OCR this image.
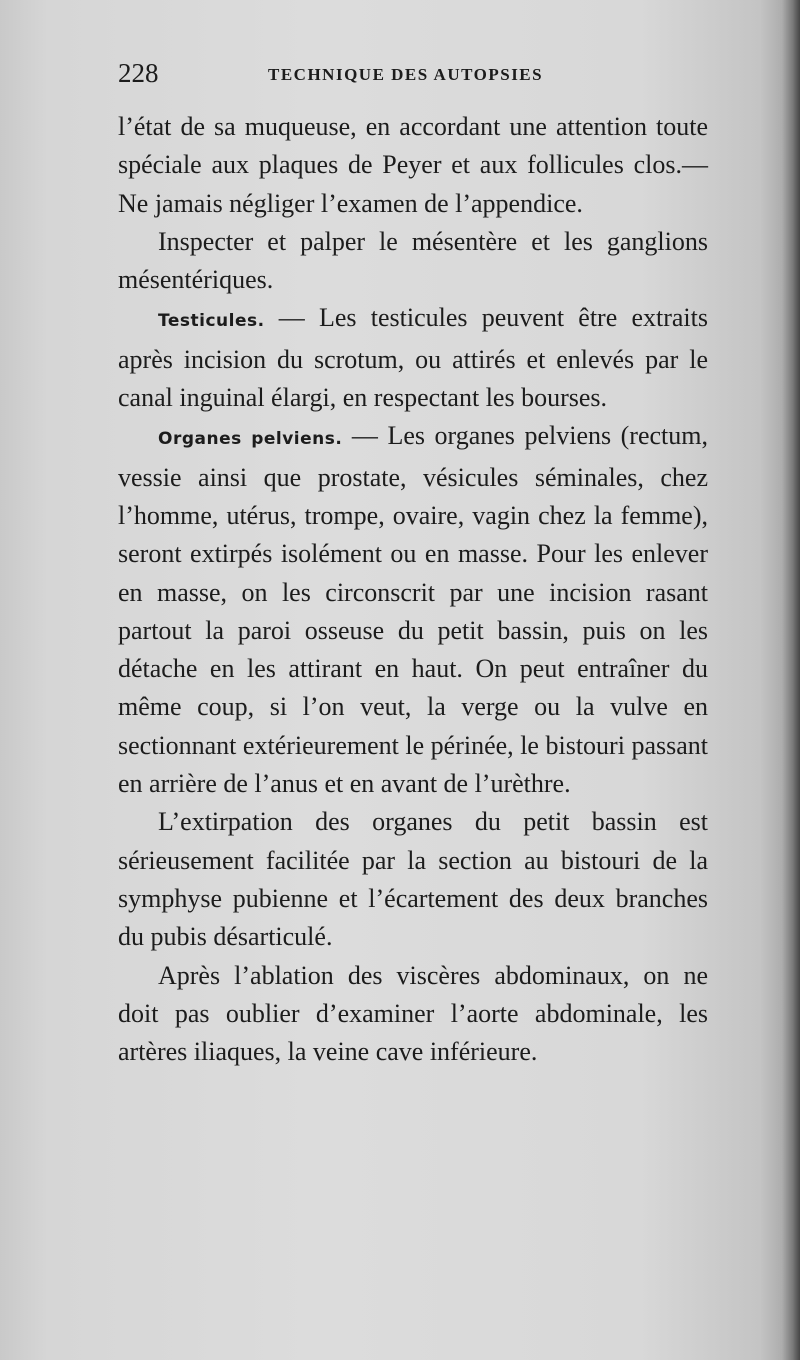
228	TECHNIQUE DES AUTOPSIES

l’état de sa muqueuse, en accordant une attention toute spéciale aux plaques de Peyer et aux follicules clos.— Ne jamais négliger l’examen de l’appendice.

Inspecter et palper le mésentère et les ganglions mésentériques.

Testicules. — Les testicules peuvent être extraits après incision du scrotum, ou attirés et enlevés par le canal inguinal élargi, en respectant les bourses.

Organes pelviens. — Les organes pelviens (rectum, vessie ainsi que prostate, vésicules séminales, chez l’homme, utérus, trompe, ovaire, vagin chez la femme), seront extirpés isolément ou en masse. Pour les enlever en masse, on les circonscrit par une incision rasant partout la paroi osseuse du petit bassin, puis on les détache en les attirant en haut. On peut entraîner du même coup, si l’on veut, la verge ou la vulve en sectionnant extérieurement le périnée, le bistouri passant en arrière de l’anus et en avant de l’urèthre.

L’extirpation des organes du petit bassin est sérieusement facilitée par la section au bistouri de la symphyse pubienne et l’écartement des deux branches du pubis désarticulé.

Après l’ablation des viscères abdominaux, on ne doit pas oublier d’examiner l’aorte abdominale, les artères iliaques, la veine cave inférieure.
